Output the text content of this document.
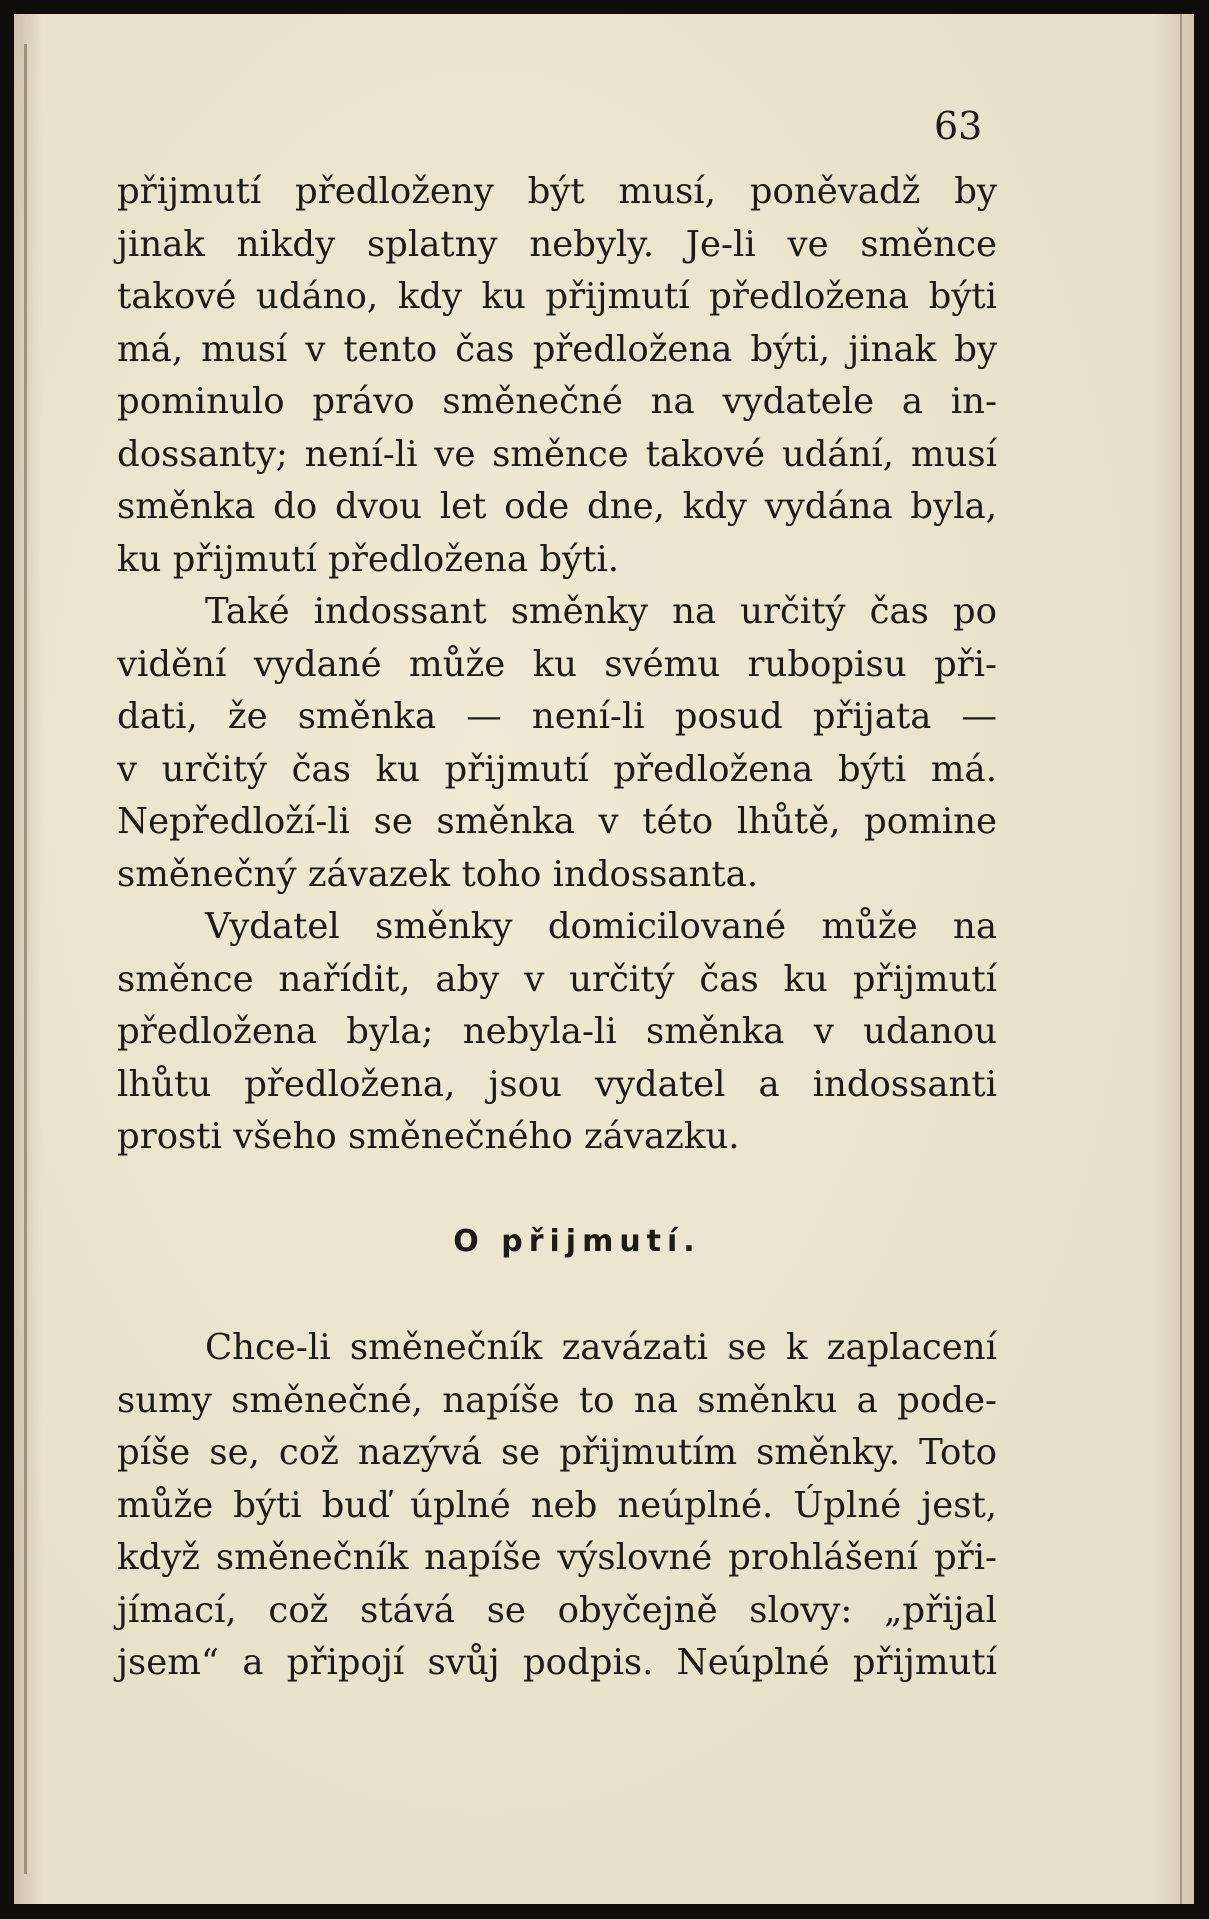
63
přijmutí předloženy být musí, poněvadž by
jinak nikdy splatny nebyly. Je-li ve směnce
takové udáno, kdy ku přijmutí předložena býti
má, musí v tento čas předložena býti, jinak by
pominulo právo směnečné na vydatele a in-
dossanty; není-li ve směnce takové udání, musí
směnka do dvou let ode dne, kdy vydána byla,
ku přijmutí předložena býti.
Také indossant směnky na určitý čas po
vidění vydané může ku svému rubopisu při-
dati, že směnka — není-li posud přijata —
v určitý čas ku přijmutí předložena býti má.
Nepředloží-li se směnka v této lhůtě, pomine
směnečný závazek toho indossanta.
Vydatel směnky domicilované může na
směnce nařídit, aby v určitý čas ku přijmutí
předložena byla; nebyla-li směnka v udanou
lhůtu předložena, jsou vydatel a indossanti
prosti všeho směnečného závazku.
O přijmutí.
Chce-li směnečník zavázati se k zaplacení
sumy směnečné, napíše to na směnku a pode-
píše se, což nazývá se přijmutím směnky. Toto
může býti buď úplné neb neúplné. Úplné jest,
když směnečník napíše výslovné prohlášení při-
jímací, což stává se obyčejně slovy: „přijal
jsem“ a připojí svůj podpis. Neúplné přijmutí
